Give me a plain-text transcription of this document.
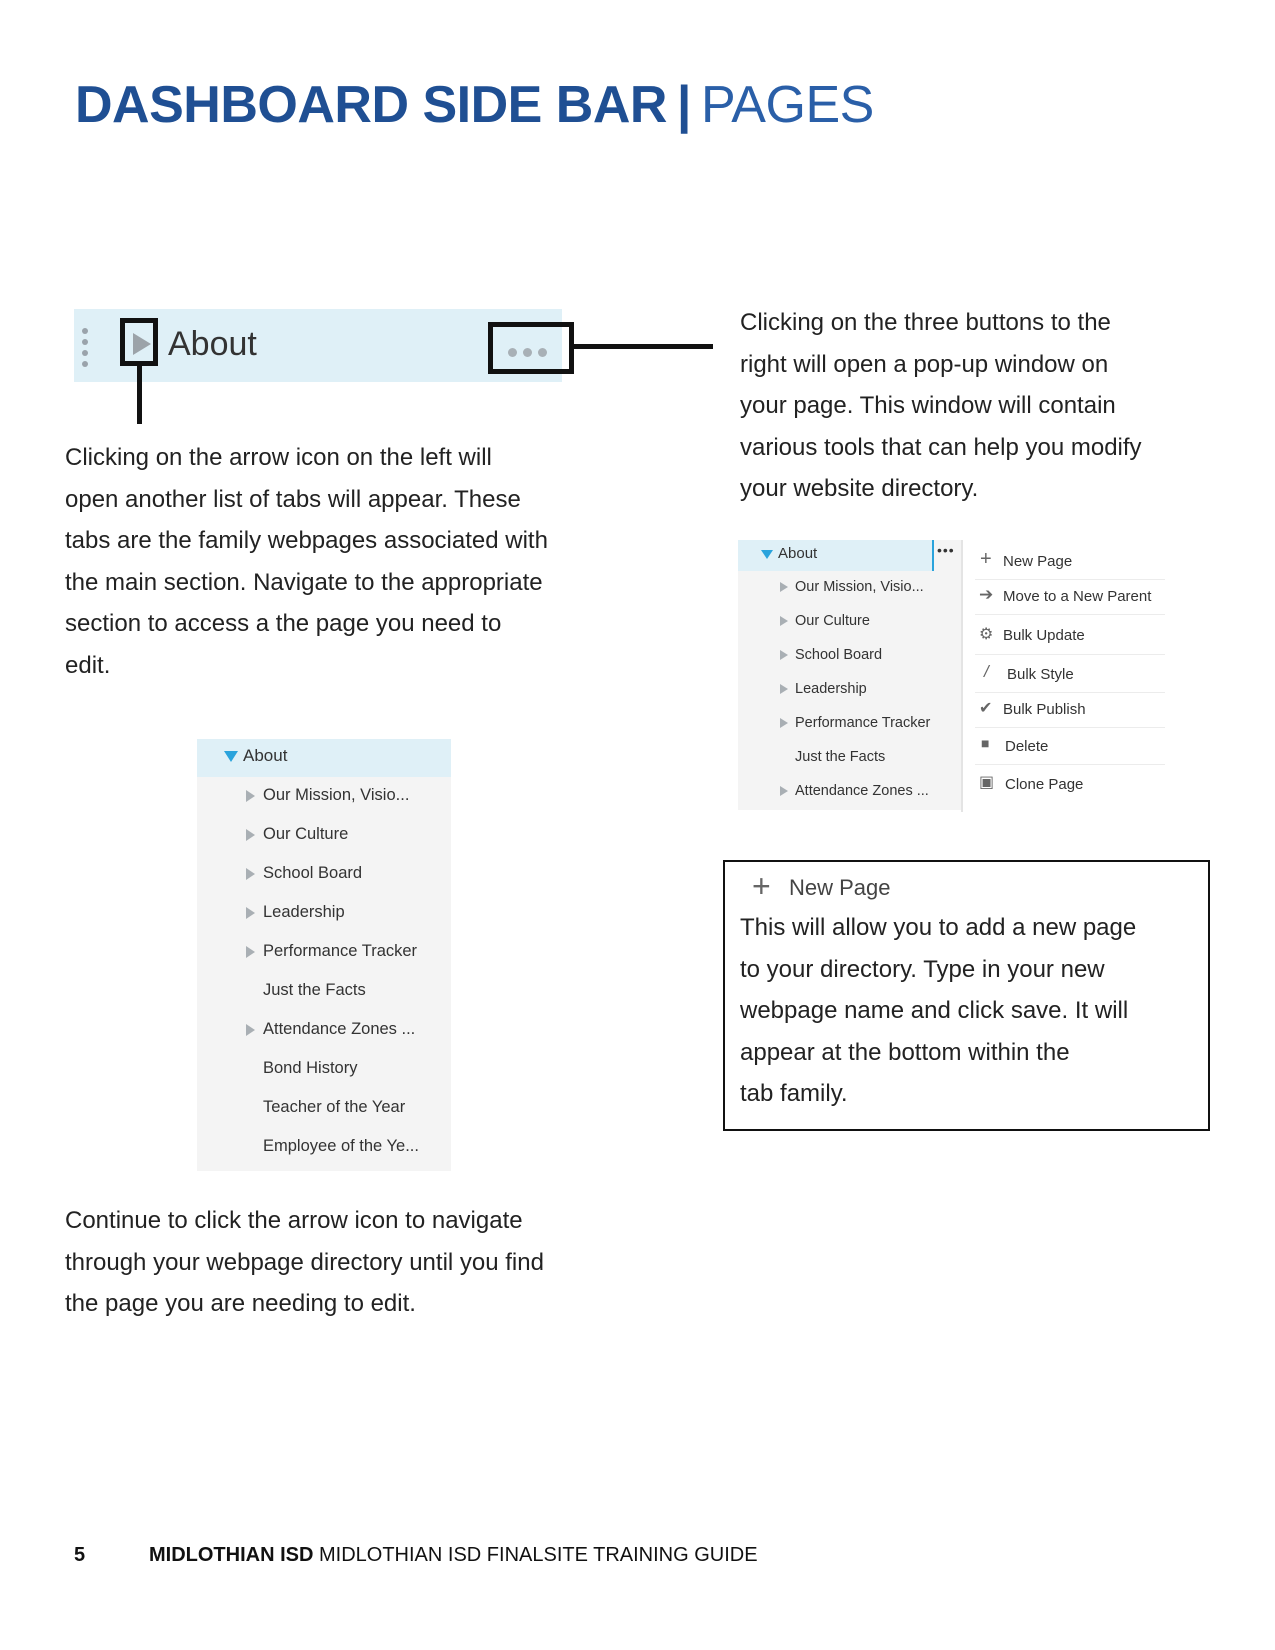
DASHBOARD SIDE BAR | PAGES
About
Clicking on the arrow icon on the left will
open another list of tabs will appear. These
tabs are the family webpages associated with
the main section. Navigate to the appropriate
section to access a the page you need to
edit.
Clicking on the three buttons to the
right will open a pop-up window on
your page. This window will contain
various tools that can help you modify
your website directory.
About	•••
Our Mission, Visio...
Our Culture
School Board
Leadership
Performance Tracker
Just the Facts
Attendance Zones ...
+ New Page
➔ Move to a New Parent
⚙ Bulk Update
/ Bulk Style
✔ Bulk Publish
■ Delete
▣ Clone Page
About
Our Mission, Visio...
Our Culture
School Board
Leadership
Performance Tracker
Just the Facts
Attendance Zones ...
Bond History
Teacher of the Year
Employee of the Ye...
+ New Page
This will allow you to add a new page
to your directory. Type in your new
webpage name and click save. It will
appear at the bottom within the
tab family.
Continue to click the arrow icon to navigate
through your webpage directory until you find
the page you are needing to edit.
5	MIDLOTHIAN ISD MIDLOTHIAN ISD FINALSITE TRAINING GUIDE
